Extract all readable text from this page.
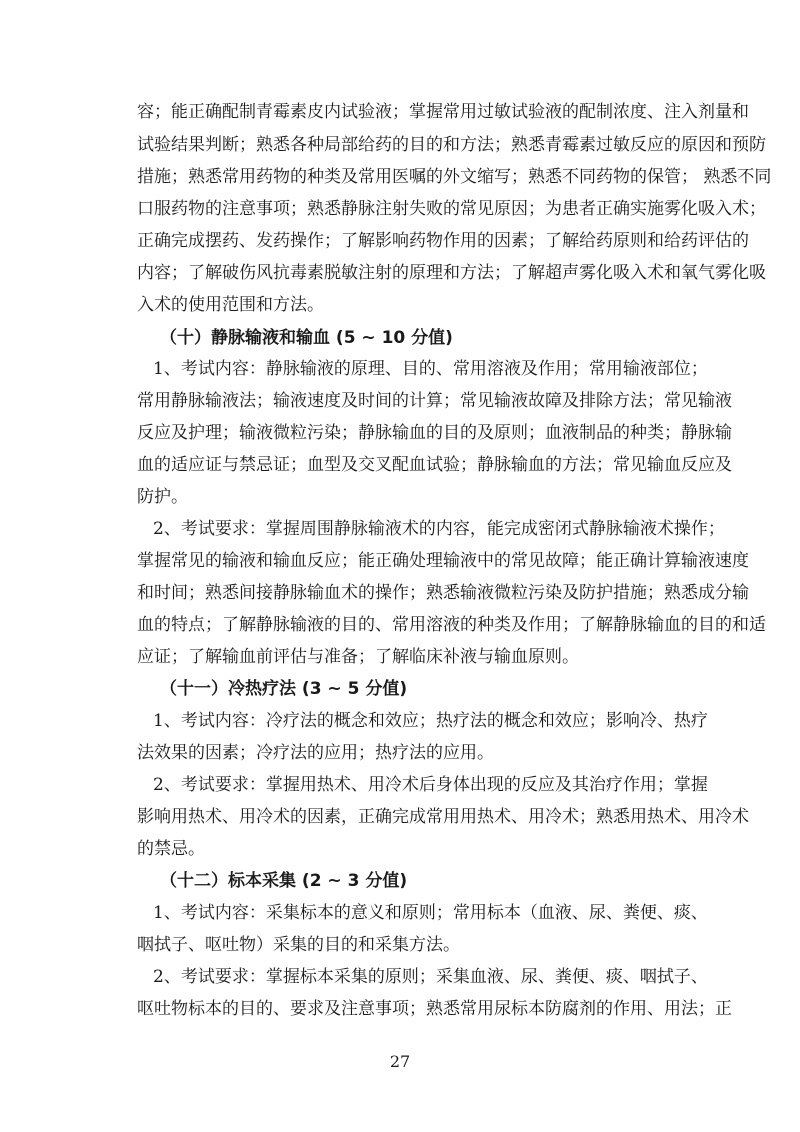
容；能正确配制青霉素皮内试验液；掌握常用过敏试验液的配制浓度、注入剂量和
试验结果判断；熟悉各种局部给药的目的和方法；熟悉青霉素过敏反应的原因和预防
措施；熟悉常用药物的种类及常用医嘱的外文缩写；熟悉不同药物的保管； 熟悉不同
口服药物的注意事项；熟悉静脉注射失败的常见原因；为患者正确实施雾化吸入术；
正确完成摆药、发药操作；了解影响药物作用的因素；了解给药原则和给药评估的
内容；了解破伤风抗毒素脱敏注射的原理和方法；了解超声雾化吸入术和氧气雾化吸
入术的使用范围和方法。
（十）静脉输液和输血 (5 ~ 10 分值)
1、考试内容：静脉输液的原理、目的、常用溶液及作用；常用输液部位；
常用静脉输液法；输液速度及时间的计算；常见输液故障及排除方法；常见输液
反应及护理；输液微粒污染；静脉输血的目的及原则；血液制品的种类；静脉输
血的适应证与禁忌证；血型及交叉配血试验；静脉输血的方法；常见输血反应及
防护。
2、考试要求：掌握周围静脉输液术的内容，能完成密闭式静脉输液术操作；
掌握常见的输液和输血反应；能正确处理输液中的常见故障；能正确计算输液速度
和时间；熟悉间接静脉输血术的操作；熟悉输液微粒污染及防护措施；熟悉成分输
血的特点；了解静脉输液的目的、常用溶液的种类及作用；了解静脉输血的目的和适
应证；了解输血前评估与准备；了解临床补液与输血原则。
（十一）冷热疗法 (3 ~ 5 分值)
1、考试内容：冷疗法的概念和效应；热疗法的概念和效应；影响冷、热疗
法效果的因素；冷疗法的应用；热疗法的应用。
2、考试要求：掌握用热术、用冷术后身体出现的反应及其治疗作用；掌握
影响用热术、用冷术的因素，正确完成常用用热术、用冷术；熟悉用热术、用冷术
的禁忌。
（十二）标本采集 (2 ~ 3 分值)
1、考试内容：采集标本的意义和原则；常用标本（血液、尿、粪便、痰、
咽拭子、呕吐物）采集的目的和采集方法。
2、考试要求：掌握标本采集的原则；采集血液、尿、粪便、痰、咽拭子、
呕吐物标本的目的、要求及注意事项；熟悉常用尿标本防腐剂的作用、用法；正
27
